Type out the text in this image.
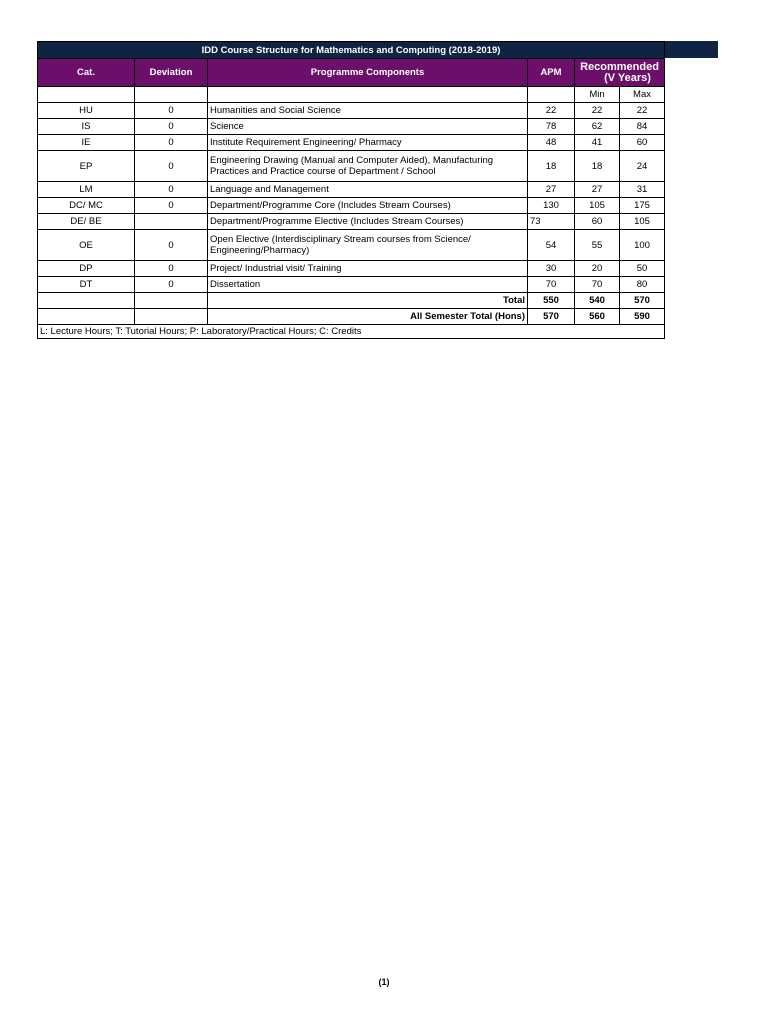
IDD Course Structure for Mathematics and Computing (2018-2019)					
Cat.	Deviation	Programme Components	APM	Recommended
(V Years)	

				Min	Max
HU	0	Humanities and Social Science	22	22	22
IS	0	Science	78	62	84
IE	0	Institute Requirement Engineering/ Pharmacy	48	41	60
EP	0	Engineering Drawing (Manual and Computer Aided), Manufacturing Practices and Practice course of Department / School	18	18	24
LM	0	Language and Management	27	27	31
DC/ MC	0	Department/Programme Core (Includes Stream Courses)	130	105	175
DE/ BE		Department/Programme Elective (Includes Stream Courses)	73	60	105
OE	0	Open Elective (Interdisciplinary Stream courses from Science/ Engineering/Pharmacy)	54	55	100
DP	0	Project/ Industrial visit/ Training	30	20	50
DT	0	Dissertation	70	70	80
		Total	550	540	570
		All Semester Total (Hons)	570	560	590
L: Lecture Hours; T: Tutorial Hours; P: Laboratory/Practical Hours; C: Credits					
(1)
